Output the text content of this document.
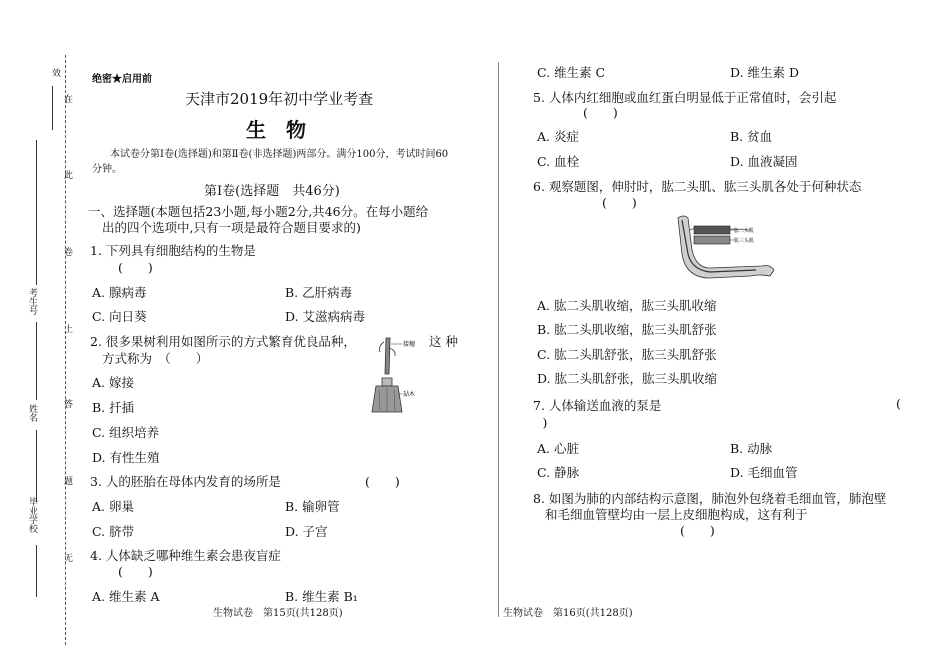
效
在
此
卷
上
答
题
无
考生号
姓名
毕业学校
绝密★启用前
天津市2019年初中学业考查
生　物
本试卷分第Ⅰ卷(选择题)和第Ⅱ卷(非选择题)两部分。满分100分，考试时间60
分钟。
第Ⅰ卷(选择题　共46分)
一、选择题(本题包括23小题,每小题2分,共46分。在每小题给
出的四个选项中,只有一项是最符合题目要求的)
1. 下列具有细胞结构的生物是
(　　)
A. 腺病毒	B. 乙肝病毒
C. 向日葵	D. 艾滋病病毒
2. 很多果树利用如图所示的方式繁育优良品种，	这 种
方式称为　（　　）
A. 嫁接
B. 扦插
C. 组织培养
D. 有性生殖
接穗
砧木
3. 人的胚胎在母体内发育的场所是	(　　)
A. 卵巢	B. 输卵管
C. 脐带	D. 子宫
4. 人体缺乏哪种维生素会患夜盲症
(　　)
A. 维生素 A	B. 维生素 B₁
生物试卷　第15页(共128页)
C. 维生素 C	D. 维生素 D
5. 人体内红细胞或血红蛋白明显低于正常值时，会引起
(　　)
A. 炎症	B. 贫血
C. 血栓	D. 血液凝固
6. 观察题图，伸肘时，肱二头肌、肱三头肌各处于何种状态
(　　)
肱二头肌
肱三头肌
A. 肱二头肌收缩，肱三头肌收缩
B. 肱二头肌收缩，肱三头肌舒张
C. 肱二头肌舒张，肱三头肌舒张
D. 肱二头肌舒张，肱三头肌收缩
7. 人体输送血液的泵是	(
　)
A. 心脏	B. 动脉
C. 静脉	D. 毛细血管
8. 如图为肺的内部结构示意图，肺泡外包绕着毛细血管，肺泡壁
和毛细血管壁均由一层上皮细胞构成，这有利于
(　　)
生物试卷　第16页(共128页)
